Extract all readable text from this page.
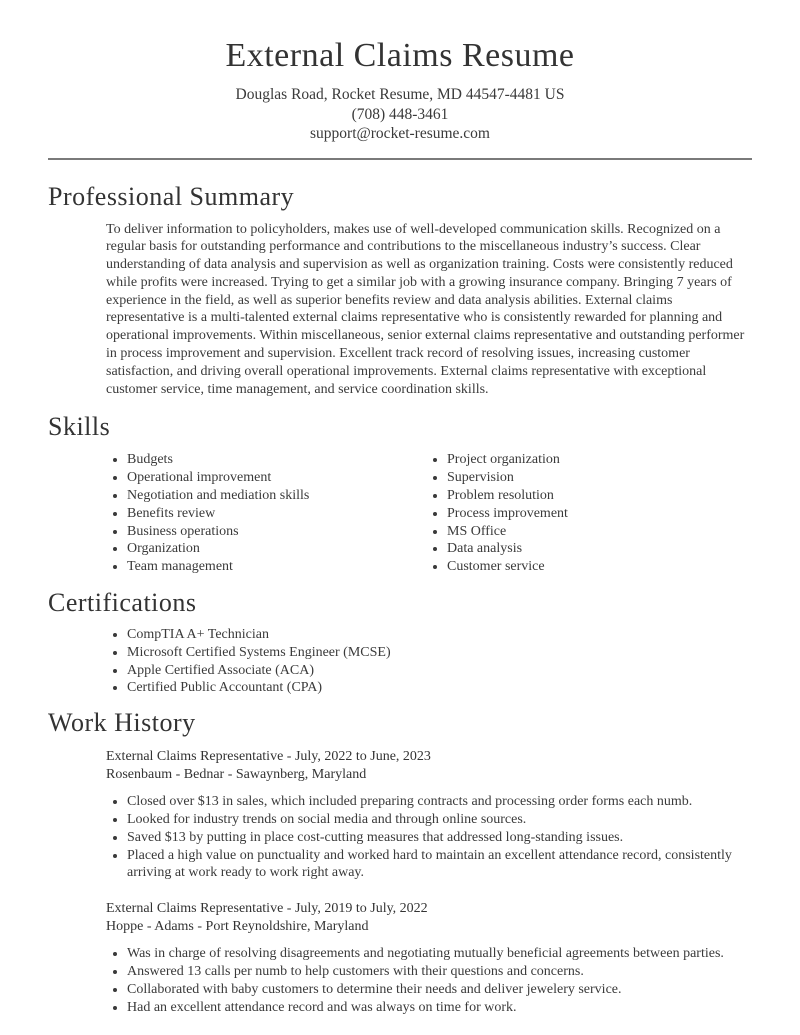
External Claims Resume
Douglas Road, Rocket Resume, MD 44547-4481 US
(708) 448-3461
support@rocket-resume.com
Professional Summary

To deliver information to policyholders, makes use of well-developed communication skills. Recognized on a regular basis for outstanding performance and contributions to the miscellaneous industry’s success. Clear understanding of data analysis and supervision as well as organization training. Costs were consistently reduced while profits were increased. Trying to get a similar job with a growing insurance company. Bringing 7 years of experience in the field, as well as superior benefits review and data analysis abilities. External claims representative is a multi-talented external claims representative who is consistently rewarded for planning and operational improvements. Within miscellaneous, senior external claims representative and outstanding performer in process improvement and supervision. Excellent track record of resolving issues, increasing customer satisfaction, and driving overall operational improvements. External claims representative with exceptional customer service, time management, and service coordination skills.

Skills
• Budgets
• Operational improvement
• Negotiation and mediation skills
• Benefits review
• Business operations
• Organization
• Team management
• Project organization
• Supervision
• Problem resolution
• Process improvement
• MS Office
• Data analysis
• Customer service
Certifications
• CompTIA A+ Technician
• Microsoft Certified Systems Engineer (MCSE)
• Apple Certified Associate (ACA)
• Certified Public Accountant (CPA)
Work History
External Claims Representative - July, 2022 to June, 2023
Rosenbaum - Bednar - Sawaynberg, Maryland
• Closed over $13 in sales, which included preparing contracts and processing order forms each numb.
• Looked for industry trends on social media and through online sources.
• Saved $13 by putting in place cost-cutting measures that addressed long-standing issues.
• Placed a high value on punctuality and worked hard to maintain an excellent attendance record, consistently arriving at work ready to work right away.
External Claims Representative - July, 2019 to July, 2022
Hoppe - Adams - Port Reynoldshire, Maryland
• Was in charge of resolving disagreements and negotiating mutually beneficial agreements between parties.
• Answered 13 calls per numb to help customers with their questions and concerns.
• Collaborated with baby customers to determine their needs and deliver jewelery service.
• Had an excellent attendance record and was always on time for work.
